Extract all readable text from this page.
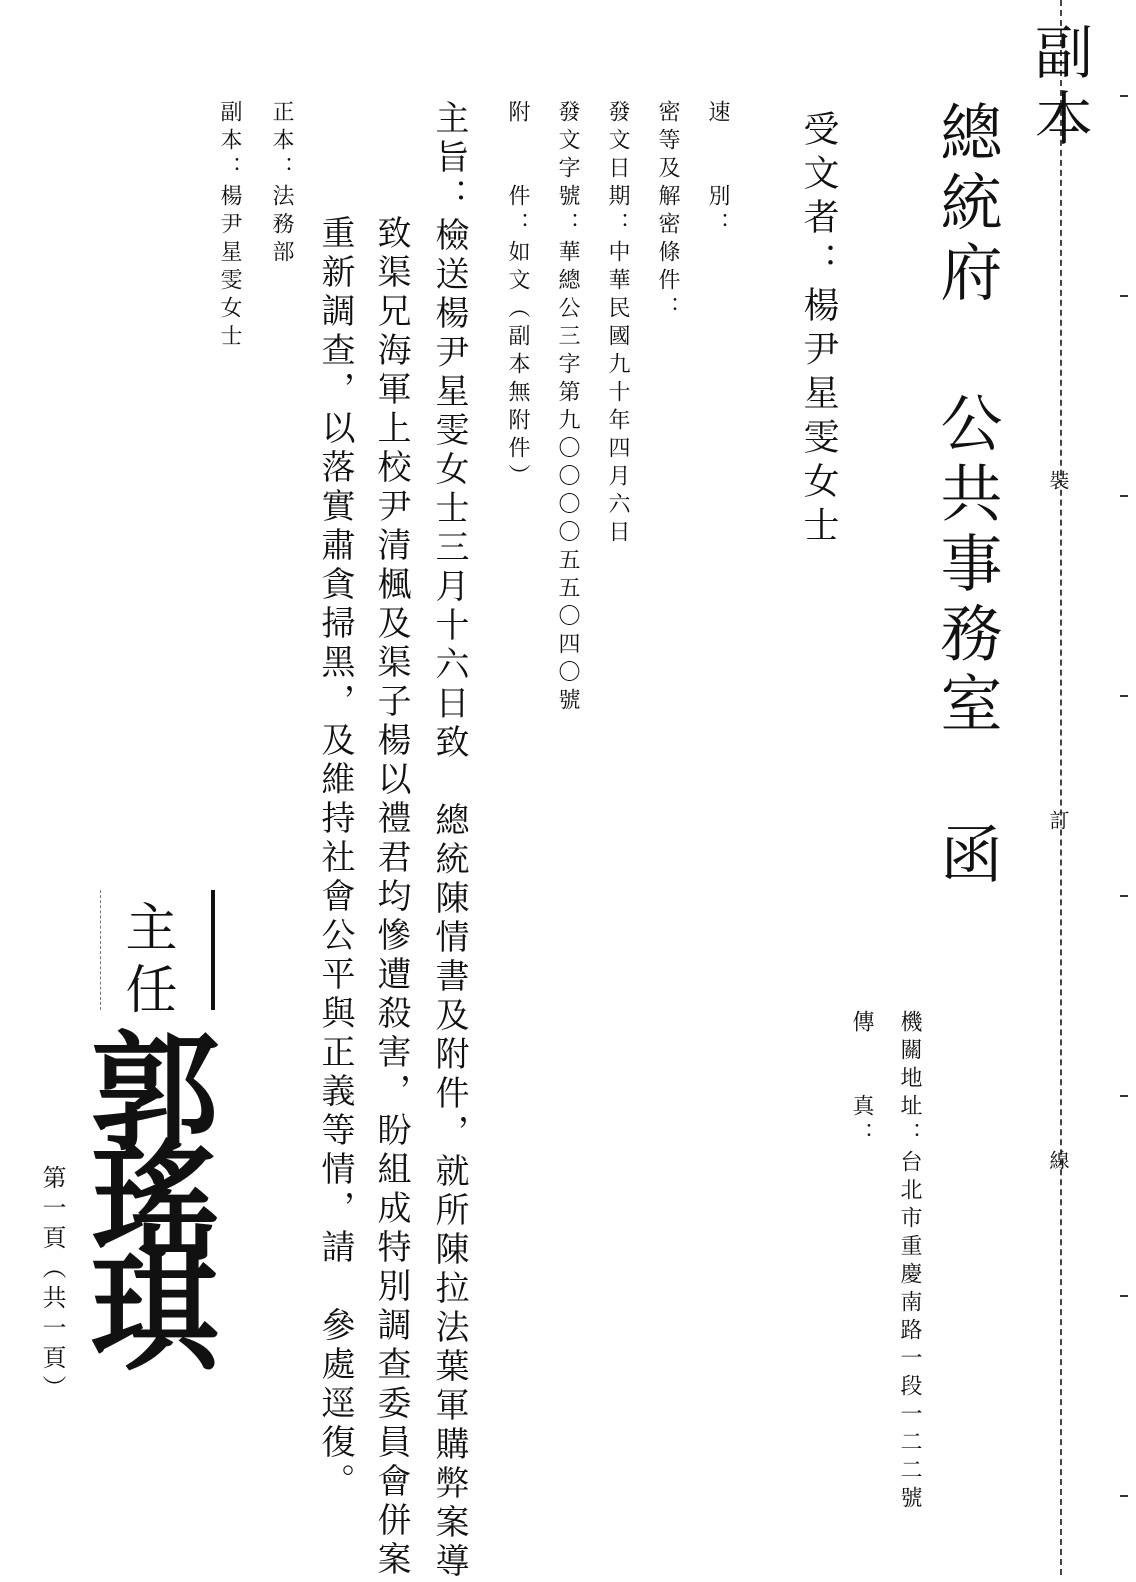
裝
訂
線
副本
總統府 公共事務室 函
機關地址：台北市重慶南路一段一二二號
傳　　真：
受文者：楊尹星雯女士
速　　別：
密等及解密條件：
發文日期：中華民國九十年四月六日
發文字號：華總公三字第九〇〇〇〇五五〇四〇號
附　　件：如文（副本無附件）
主旨：檢送楊尹星雯女士三月十六日致　總統陳情書及附件，就所陳拉法葉軍購弊案導
致渠兄海軍上校尹清楓及渠子楊以禮君均慘遭殺害，盼組成特別調查委員會併案
重新調查，以落實肅貪掃黑，及維持社會公平與正義等情，請　參處逕復。
正本：法務部
副本：楊尹星雯女士
主任
郭瑤琪
第一頁（共一頁）
